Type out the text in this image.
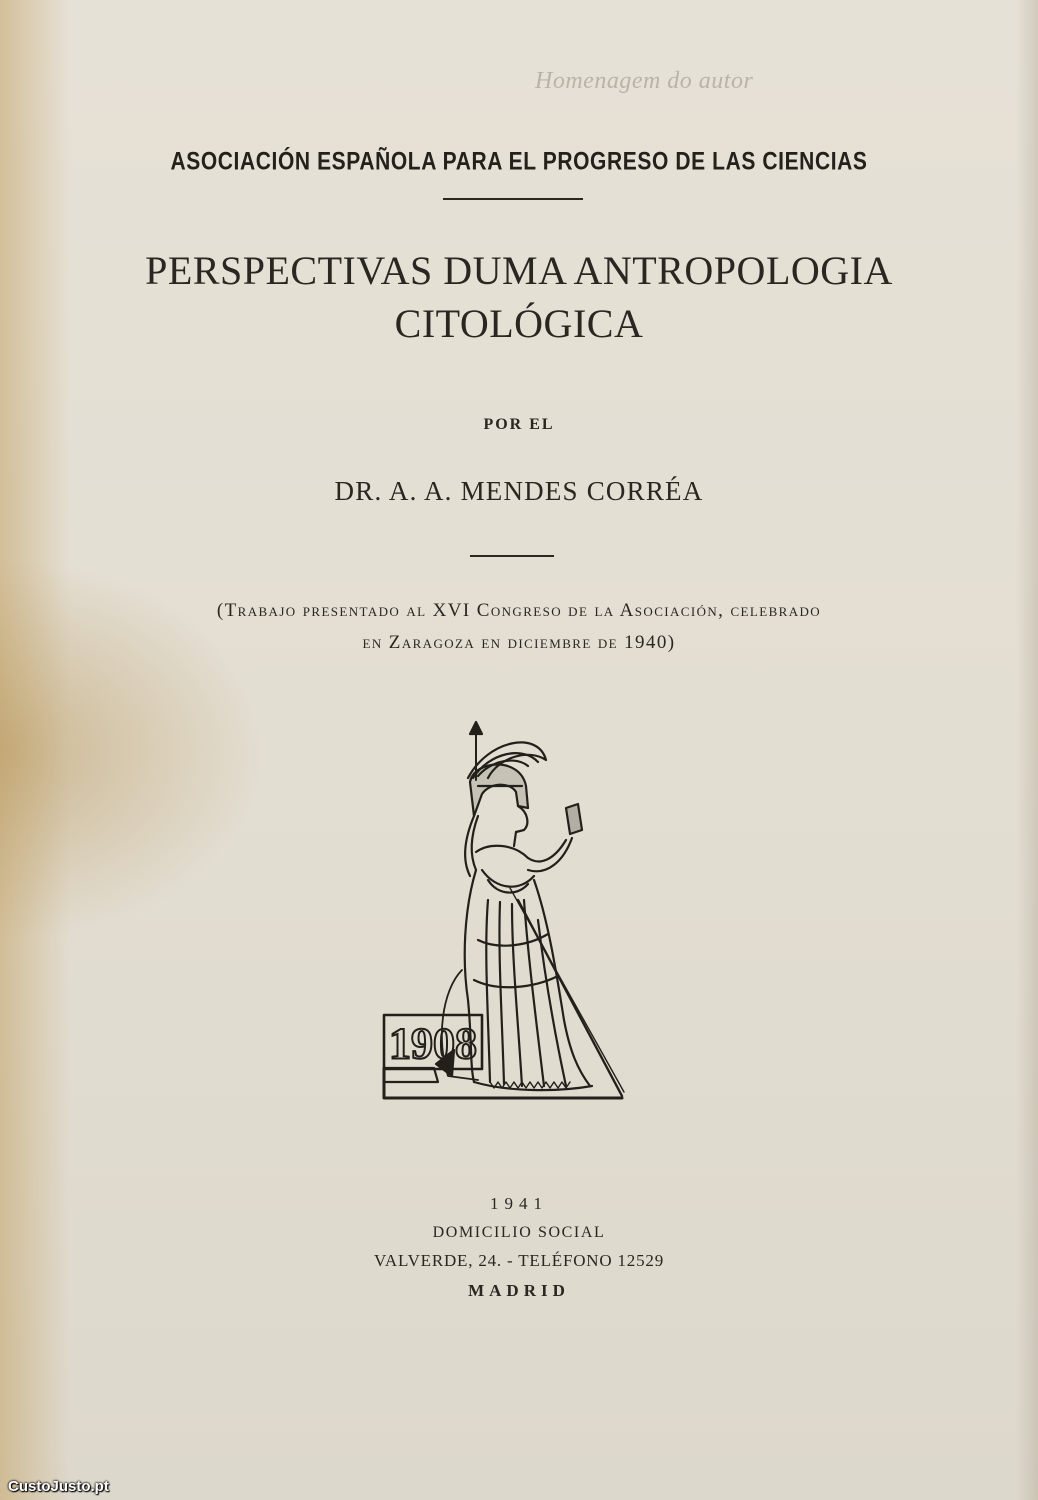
Homenagem do autor
ASOCIACIÓN ESPAÑOLA PARA EL PROGRESO DE LAS CIENCIAS
PERSPECTIVAS DUMA ANTROPOLOGIA
CITOLÓGICA
POR EL
DR. A. A. MENDES CORRÉA
(Trabajo presentado al XVI Congreso de la Asociación, celebrado
en Zaragoza en diciembre de 1940)
1908
1941
DOMICILIO SOCIAL
VALVERDE, 24. - TELÉFONO 12529
MADRID
CustoJusto.pt
